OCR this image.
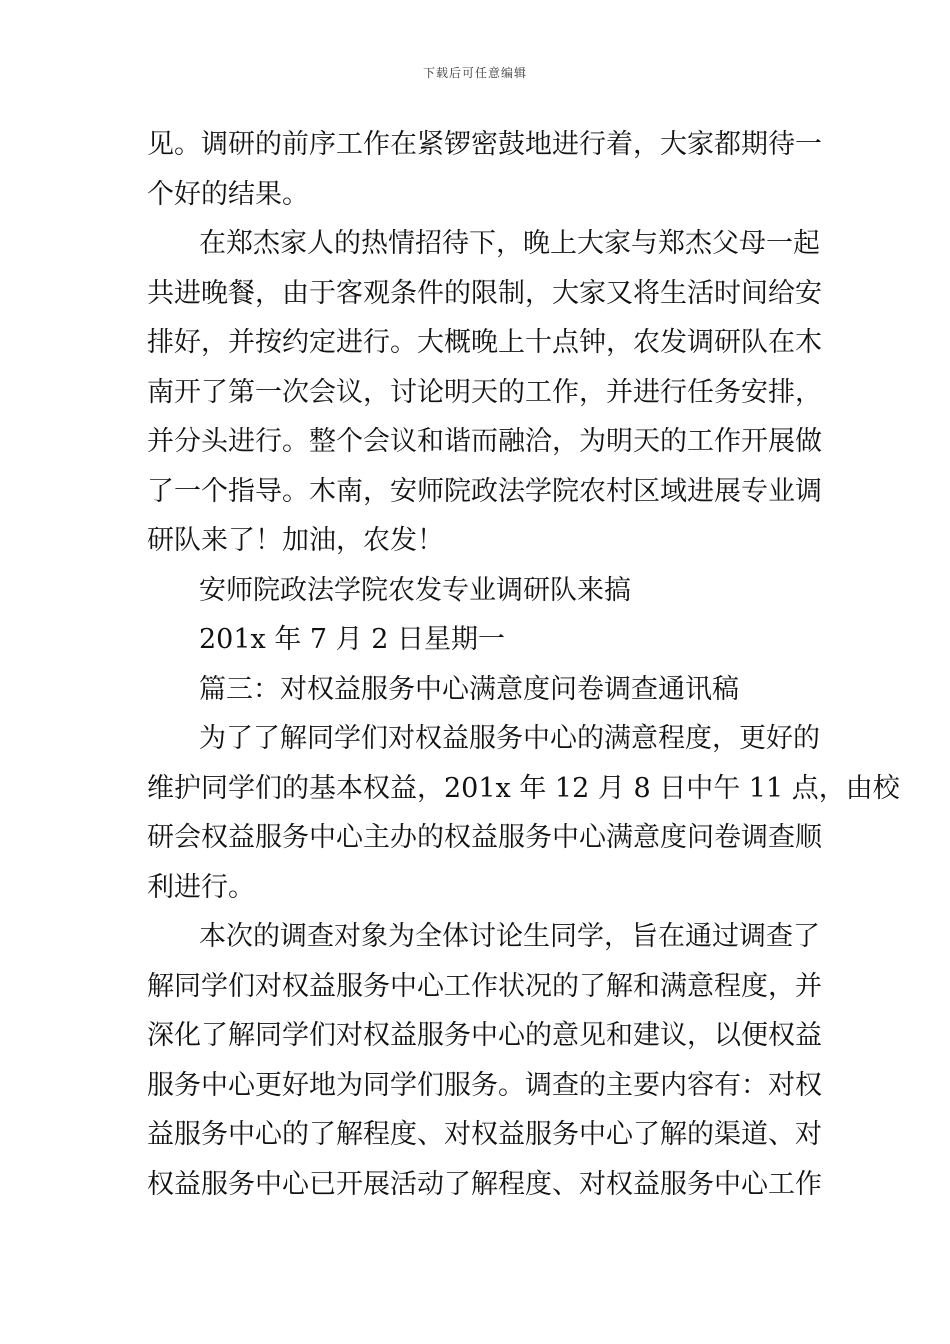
下载后可任意编辑
见。调研的前序工作在紧锣密鼓地进行着，大家都期待一
个好的结果。
在郑杰家人的热情招待下，晚上大家与郑杰父母一起
共进晚餐，由于客观条件的限制，大家又将生活时间给安
排好，并按约定进行。大概晚上十点钟，农发调研队在木
南开了第一次会议，讨论明天的工作，并进行任务安排，
并分头进行。整个会议和谐而融洽，为明天的工作开展做
了一个指导。木南，安师院政法学院农村区域进展专业调
研队来了！加油，农发！
安师院政法学院农发专业调研队来搞
201x 年 7 月 2 日星期一
篇三：对权益服务中心满意度问卷调查通讯稿
为了了解同学们对权益服务中心的满意程度，更好的
维护同学们的基本权益，201x 年 12 月 8 日中午 11 点，由校
研会权益服务中心主办的权益服务中心满意度问卷调查顺
利进行。
本次的调查对象为全体讨论生同学，旨在通过调查了
解同学们对权益服务中心工作状况的了解和满意程度，并
深化了解同学们对权益服务中心的意见和建议，以便权益
服务中心更好地为同学们服务。调查的主要内容有：对权
益服务中心的了解程度、对权益服务中心了解的渠道、对
权益服务中心已开展活动了解程度、对权益服务中心工作
